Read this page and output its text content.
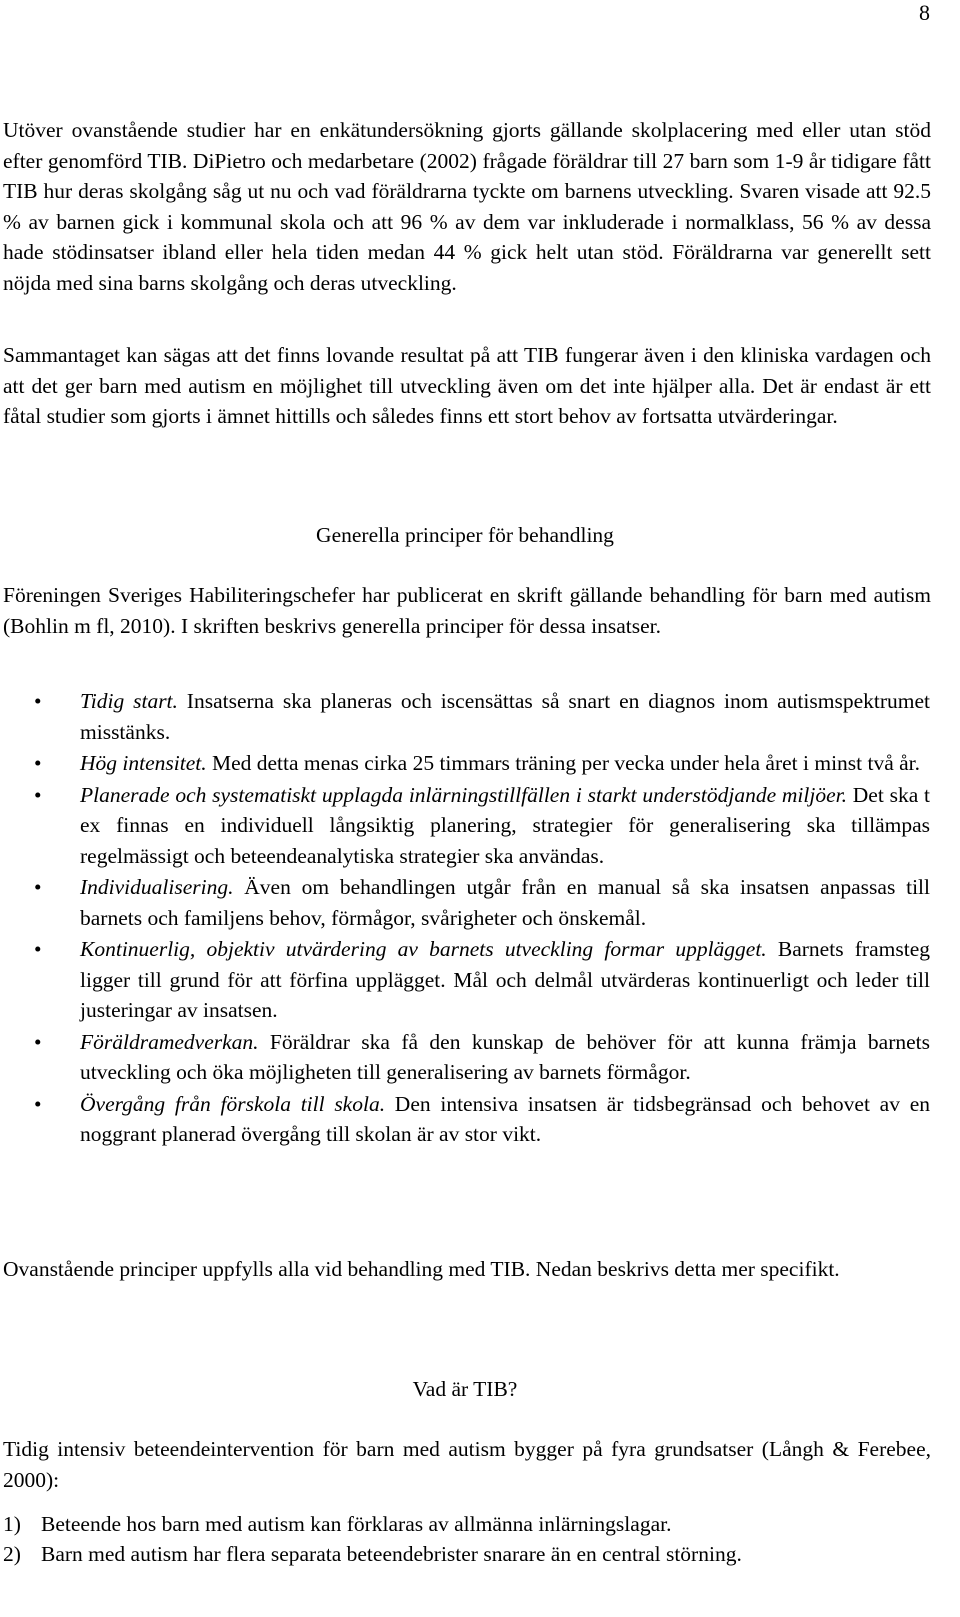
8

Utöver ovanstående studier har en enkätundersökning gjorts gällande skolplacering med eller utan stöd efter genomförd TIB. DiPietro och medarbetare (2002) frågade föräldrar till 27 barn som 1-9 år tidigare fått TIB hur deras skolgång såg ut nu och vad föräldrarna tyckte om barnens utveckling. Svaren visade att 92.5 % av barnen gick i kommunal skola och att 96 % av dem var inkluderade i normalklass, 56 % av dessa hade stödinsatser ibland eller hela tiden medan 44 % gick helt utan stöd. Föräldrarna var generellt sett nöjda med sina barns skolgång och deras utveckling.

Sammantaget kan sägas att det finns lovande resultat på att TIB fungerar även i den kliniska vardagen och att det ger barn med autism en möjlighet till utveckling även om det inte hjälper alla. Det är endast är ett fåtal studier som gjorts i ämnet hittills och således finns ett stort behov av fortsatta utvärderingar.

Generella principer för behandling

Föreningen Sveriges Habiliteringschefer har publicerat en skrift gällande behandling för barn med autism (Bohlin m fl, 2010). I skriften beskrivs generella principer för dessa insatser.

•
Tidig start. Insatserna ska planeras och iscensättas så snart en diagnos inom autismspektrumet misstänks.
•
Hög intensitet. Med detta menas cirka 25 timmars träning per vecka under hela året i minst två år.
•
Planerade och systematiskt upplagda inlärningstillfällen i starkt understödjande miljöer. Det ska t ex finnas en individuell långsiktig planering, strategier för generalisering ska tillämpas regelmässigt och beteendeanalytiska strategier ska användas.
•
Individualisering. Även om behandlingen utgår från en manual så ska insatsen anpassas till barnets och familjens behov, förmågor, svårigheter och önskemål.
•
Kontinuerlig, objektiv utvärdering av barnets utveckling formar upplägget. Barnets framsteg ligger till grund för att förfina upplägget. Mål och delmål utvärderas kontinuerligt och leder till justeringar av insatsen.
•
Föräldramedverkan. Föräldrar ska få den kunskap de behöver för att kunna främja barnets utveckling och öka möjligheten till generalisering av barnets förmågor.
•
Övergång från förskola till skola. Den intensiva insatsen är tidsbegränsad och behovet av en noggrant planerad övergång till skolan är av stor vikt.

Ovanstående principer uppfylls alla vid behandling med TIB. Nedan beskrivs detta mer specifikt.

Vad är TIB?

Tidig intensiv beteendeintervention för barn med autism bygger på fyra grundsatser (Långh & Ferebee, 2000):

1) Beteende hos barn med autism kan förklaras av allmänna inlärningslagar.
2) Barn med autism har flera separata beteendebrister snarare än en central störning.
